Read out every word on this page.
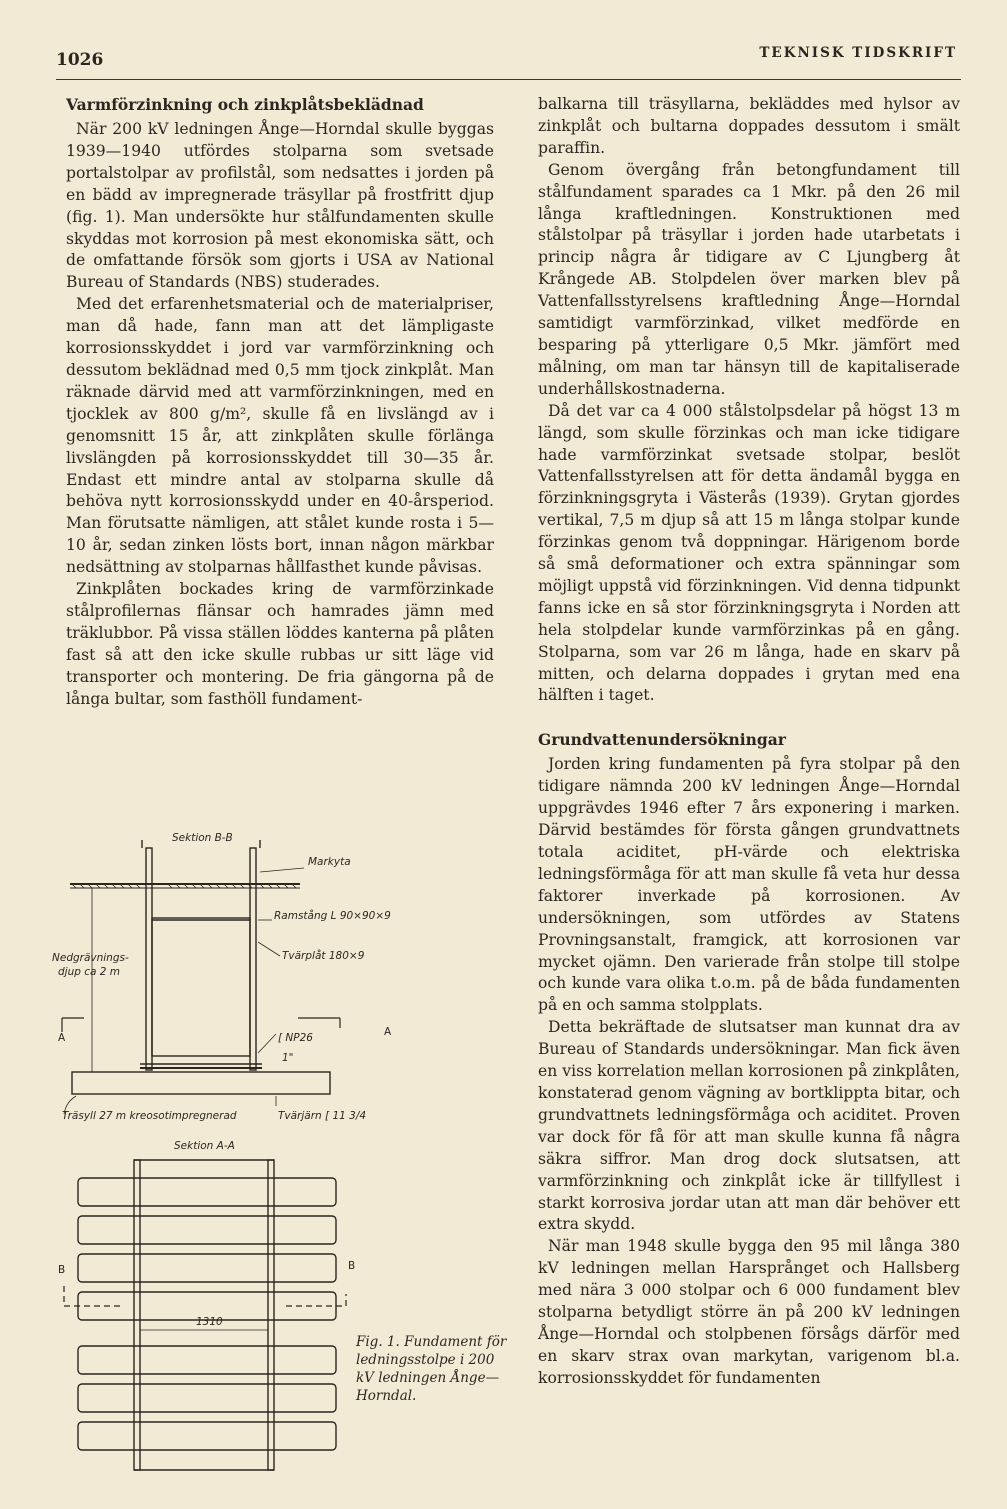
1026	TEKNISK TIDSKRIFT
Varmförzinkning och zinkplåtsbeklädnad

När 200 kV ledningen Ånge—Horndal skulle byggas 1939—1940 utfördes stolparna som svetsade portalstolpar av profilstål, som nedsattes i jorden på en bädd av impregnerade träsyllar på frostfritt djup (fig. 1). Man undersökte hur stålfundamenten skulle skyddas mot korrosion på mest ekonomiska sätt, och de omfattande försök som gjorts i USA av National Bureau of Standards (NBS) studerades.

Med det erfarenhetsmaterial och de materialpriser, man då hade, fann man att det lämpligaste korrosionsskyddet i jord var varmförzinkning och dessutom beklädnad med 0,5 mm tjock zinkplåt. Man räknade därvid med att varmförzinkningen, med en tjocklek av 800 g/m², skulle få en livslängd av i genomsnitt 15 år, att zinkplåten skulle förlänga livslängden på korrosionsskyddet till 30—35 år. Endast ett mindre antal av stolparna skulle då behöva nytt korrosionsskydd under en 40-årsperiod. Man förutsatte nämligen, att stålet kunde rosta i 5—10 år, sedan zinken lösts bort, innan någon märkbar nedsättning av stolparnas hållfasthet kunde påvisas.

Zinkplåten bockades kring de varmförzinkade stålprofilernas flänsar och hamrades jämn med träklubbor. På vissa ställen löddes kanterna på plåten fast så att den icke skulle rubbas ur sitt läge vid transporter och montering. De fria gängorna på de långa bultar, som fasthöll fundament-

balkarna till träsyllarna, bekläddes med hylsor av zinkplåt och bultarna doppades dessutom i smält paraffin.

Genom övergång från betongfundament till stålfundament sparades ca 1 Mkr. på den 26 mil långa kraftledningen. Konstruktionen med stålstolpar på träsyllar i jorden hade utarbetats i princip några år tidigare av C Ljungberg åt Krångede AB. Stolpdelen över marken blev på Vattenfallsstyrelsens kraftledning Ånge—Horndal samtidigt varmförzinkad, vilket medförde en besparing på ytterligare 0,5 Mkr. jämfört med målning, om man tar hänsyn till de kapitaliserade underhållskostnaderna.

Då det var ca 4 000 stålstolpsdelar på högst 13 m längd, som skulle förzinkas och man icke tidigare hade varmförzinkat svetsade stolpar, beslöt Vattenfallsstyrelsen att för detta ändamål bygga en förzinkningsgryta i Västerås (1939). Grytan gjordes vertikal, 7,5 m djup så att 15 m långa stolpar kunde förzinkas genom två doppningar. Härigenom borde så små deformationer och extra spänningar som möjligt uppstå vid förzinkningen. Vid denna tidpunkt fanns icke en så stor förzinkningsgryta i Norden att hela stolpdelar kunde varmförzinkas på en gång. Stolparna, som var 26 m långa, hade en skarv på mitten, och delarna doppades i grytan med ena hälften i taget.

Grundvattenundersökningar

Jorden kring fundamenten på fyra stolpar på den tidigare nämnda 200 kV ledningen Ånge—Horndal uppgrävdes 1946 efter 7 års exponering i marken. Därvid bestämdes för första gången grundvattnets totala aciditet, pH-värde och elektriska ledningsförmåga för att man skulle få veta hur dessa faktorer inverkade på korrosionen. Av undersökningen, som utfördes av Statens Provningsanstalt, framgick, att korrosionen var mycket ojämn. Den varierade från stolpe till stolpe och kunde vara olika t.o.m. på de båda fundamenten på en och samma stolpplats.

Detta bekräftade de slutsatser man kunnat dra av Bureau of Standards undersökningar. Man fick även en viss korrelation mellan korrosionen på zinkplåten, konstaterad genom vägning av bortklippta bitar, och grundvattnets ledningsförmåga och aciditet. Proven var dock för få för att man skulle kunna få några säkra siffror. Man drog dock slutsatsen, att varmförzinkning och zinkplåt icke är tillfyllest i starkt korrosiva jordar utan att man där behöver ett extra skydd.

När man 1948 skulle bygga den 95 mil långa 380 kV ledningen mellan Harsprånget och Hallsberg med nära 3 000 stolpar och 6 000 fundament blev stolparna betydligt större än på 200 kV ledningen Ånge—Horndal och stolpbenen försågs därför med en skarv strax ovan markytan, varigenom bl.a. korrosionsskyddet för fundamenten

Sektion B-B
Markyta
Ramstång L 90×90×9
Nedgrävnings-
djup ca 2 m
Tvärplåt 180×9
[ NP26
1"
A	A
Träsyll 27 m kreosotimpregnerad	Tvärjärn [ 11 3/4
Sektion A-A
B	B
1310
Fig. 1. Fundament för ledningsstolpe i 200 kV ledningen Ånge—Horndal.
